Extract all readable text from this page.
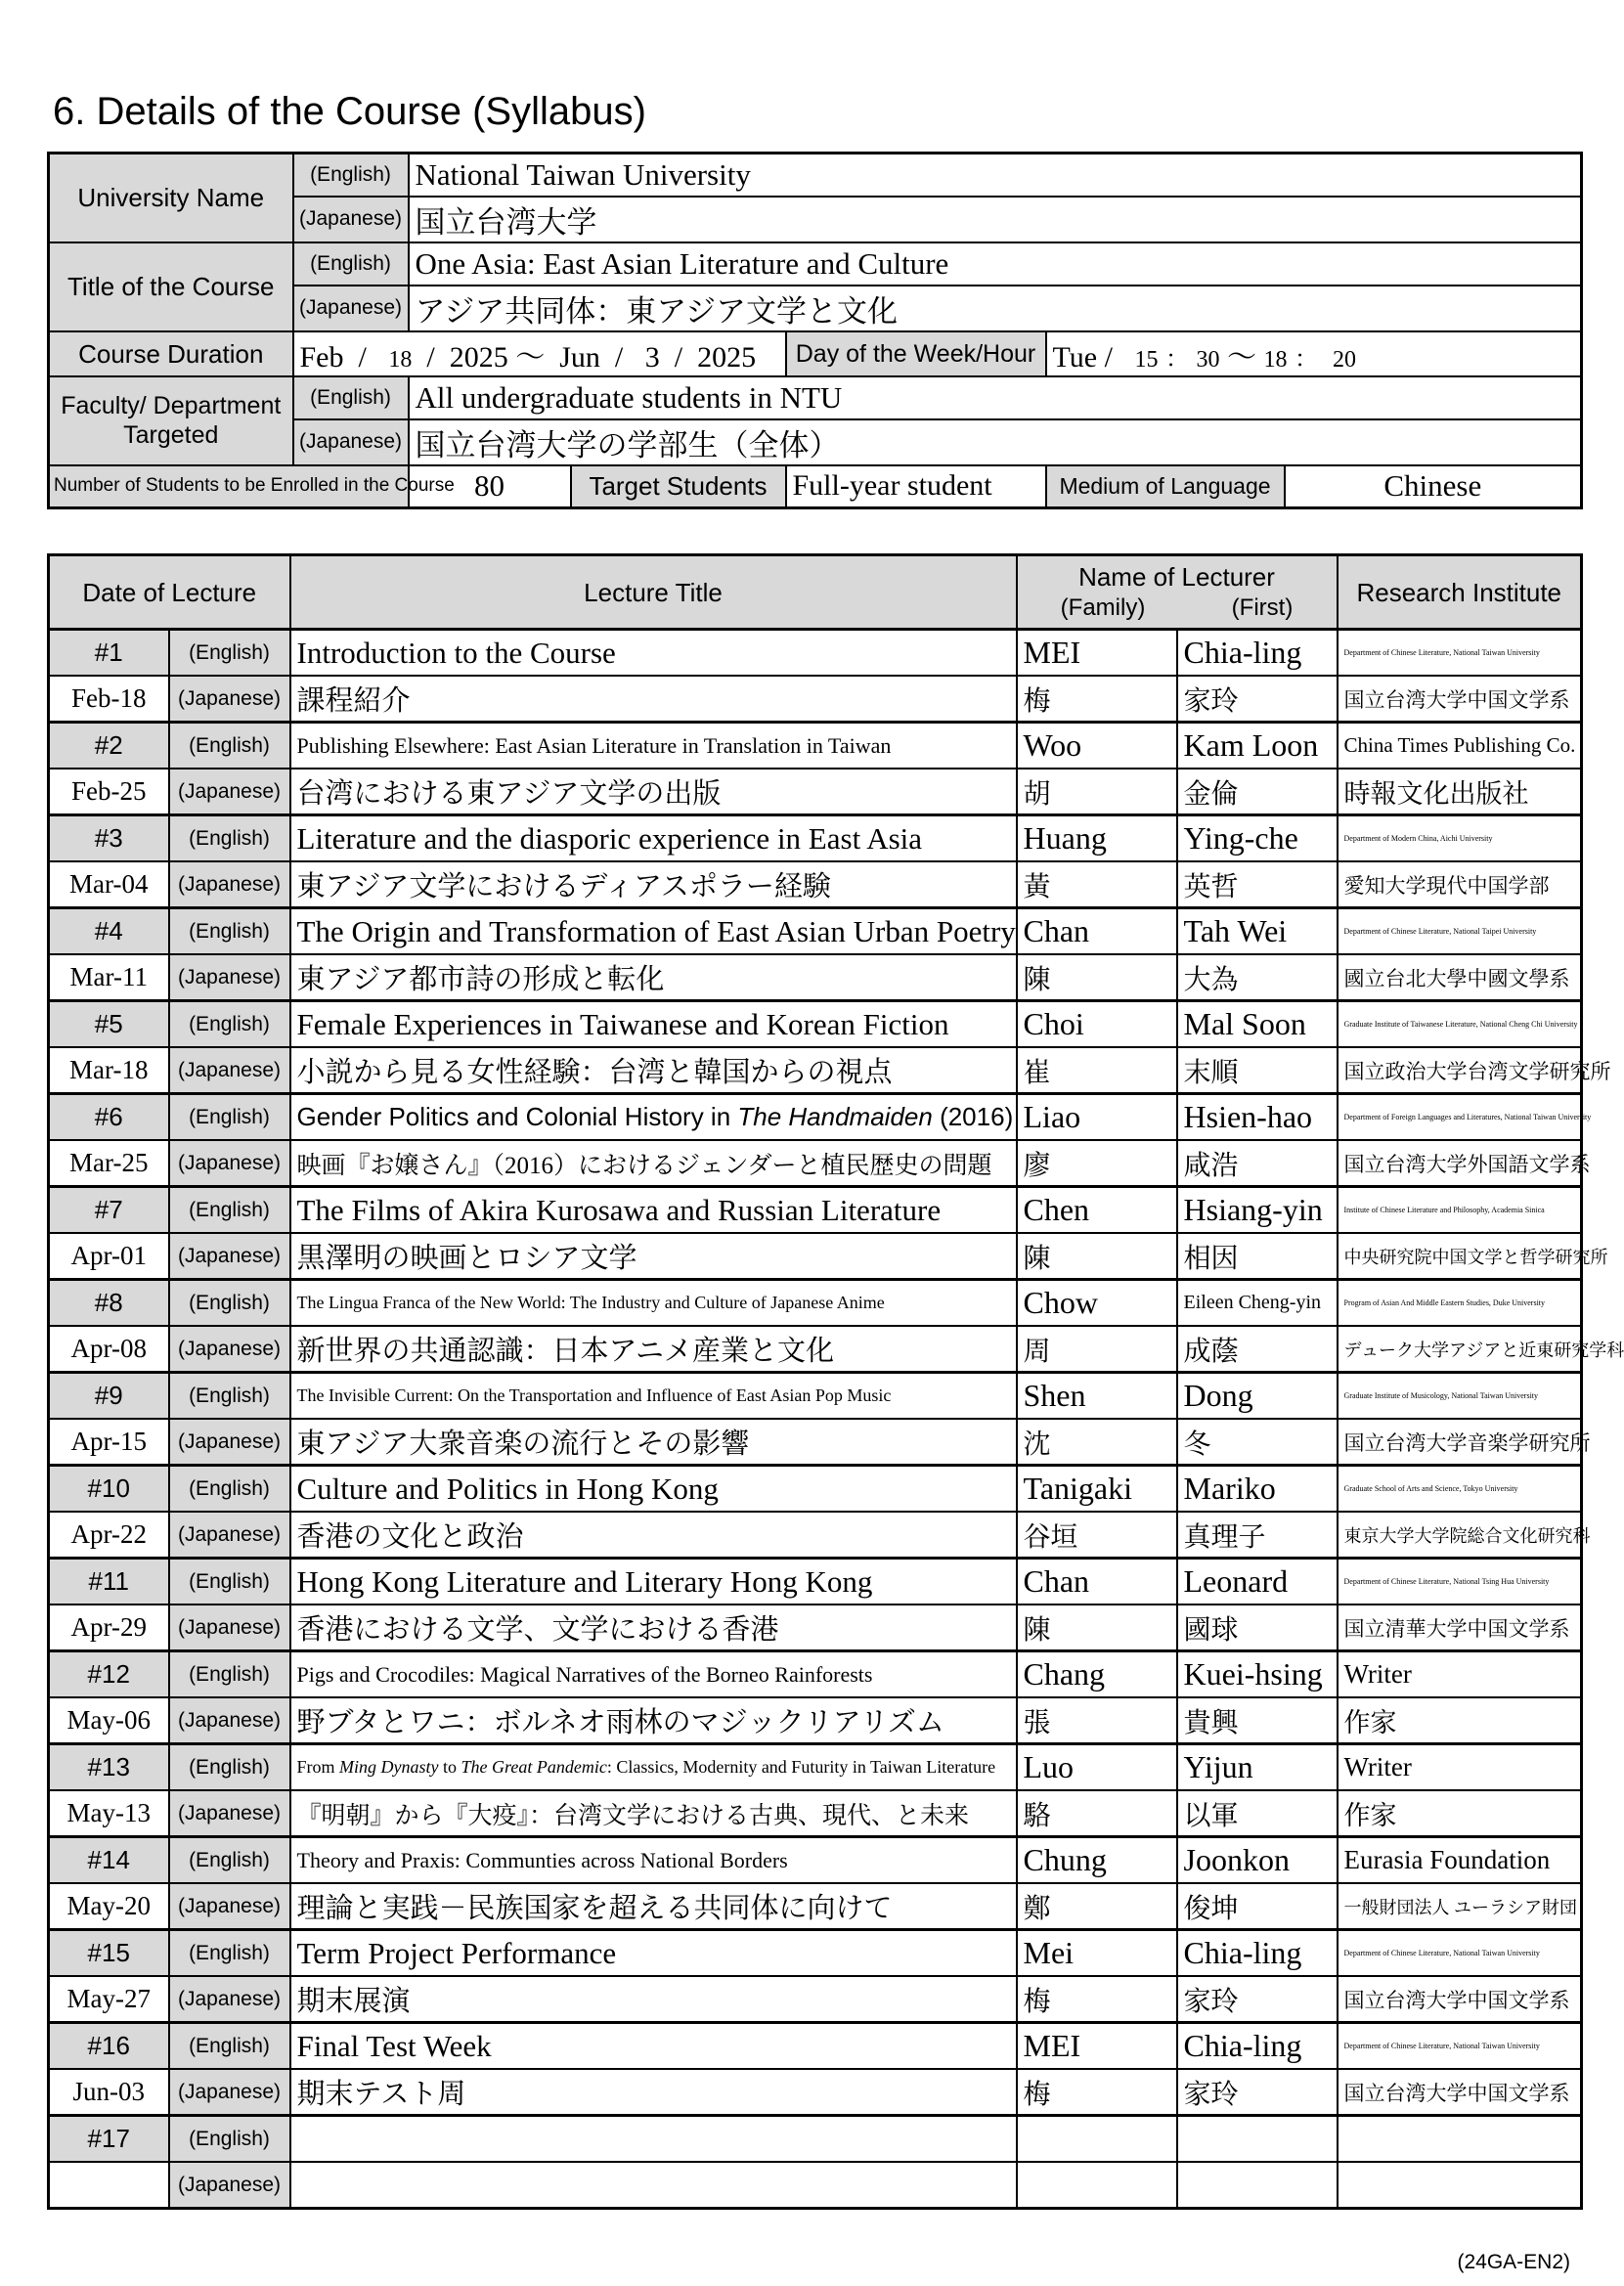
6. Details of the Course (Syllabus)
University Name	(English)	National Taiwan University				
	(Japanese)	国立台湾大学				
Title of the Course	(English)	One Asia: East Asian Literature and Culture				
	(Japanese)	アジア共同体：東アジア文学と文化				
Course Duration	Feb / 18 / 2025 ～ Jun / 3 / 2025			Day of the Week/Hour	Tue / 15 ： 30 ～ 18 ： 20	
Faculty/ Department Targeted	(English)	All undergraduate students in NTU				
	(Japanese)	国立台湾大学の学部生（全体）				
Number of Students to be Enrolled in the Course		80	Target Students	Full-year student	Medium of Language	Chinese
Date of Lecture		Lecture Title	Name of Lecturer
(Family) (First)		Research Institute
#1	(English)	Introduction to the Course	MEI	Chia-ling	Department of Chinese Literature, National Taiwan University
Feb-18	(Japanese)	課程紹介	梅	家玲	国立台湾大学中国文学系
#2	(English)	Publishing Elsewhere: East Asian Literature in Translation in Taiwan	Woo	Kam Loon	China Times Publishing Co.
Feb-25	(Japanese)	台湾における東アジア文学の出版	胡	金倫	時報文化出版社
#3	(English)	Literature and the diasporic experience in East Asia	Huang	Ying-che	Department of Modern China, Aichi University
Mar-04	(Japanese)	東アジア文学におけるディアスポラー経験	黃	英哲	愛知大学現代中国学部
#4	(English)	The Origin and Transformation of East Asian Urban Poetry	Chan	Tah Wei	Department of Chinese Literature, National Taipei University
Mar-11	(Japanese)	東アジア都市詩の形成と転化	陳	大為	國立台北大學中國文學系
#5	(English)	Female Experiences in Taiwanese and Korean Fiction	Choi	Mal Soon	Graduate Institute of Taiwanese Literature, National Cheng Chi University
Mar-18	(Japanese)	小説から見る女性経験：台湾と韓国からの視点	崔	末順	国立政治大学台湾文学研究所
#6	(English)	Gender Politics and Colonial History in The Handmaiden (2016)	Liao	Hsien-hao	Department of Foreign Languages and Literatures, National Taiwan University
Mar-25	(Japanese)	映画『お嬢さん』（2016）におけるジェンダーと植民歴史の問題	廖	咸浩	国立台湾大学外国語文学系
#7	(English)	The Films of Akira Kurosawa and Russian Literature	Chen	Hsiang-yin	Institute of Chinese Literature and Philosophy, Academia Sinica
Apr-01	(Japanese)	黒澤明の映画とロシア文学	陳	相因	中央研究院中国文学と哲学研究所
#8	(English)	The Lingua Franca of the New World: The Industry and Culture of Japanese Anime	Chow	Eileen Cheng-yin	Program of Asian And Middle Eastern Studies, Duke University
Apr-08	(Japanese)	新世界の共通認識：日本アニメ産業と文化	周	成蔭	デューク大学アジアと近東研究学科
#9	(English)	The Invisible Current: On the Transportation and Influence of East Asian Pop Music	Shen	Dong	Graduate Institute of Musicology, National Taiwan University
Apr-15	(Japanese)	東アジア大衆音楽の流行とその影響	沈	冬	国立台湾大学音楽学研究所
#10	(English)	Culture and Politics in Hong Kong	Tanigaki	Mariko	Graduate School of Arts and Science, Tokyo University
Apr-22	(Japanese)	香港の文化と政治	谷垣	真理子	東京大学大学院総合文化研究科
#11	(English)	Hong Kong Literature and Literary Hong Kong	Chan	Leonard	Department of Chinese Literature, National Tsing Hua University
Apr-29	(Japanese)	香港における文学、文学における香港	陳	國球	国立清華大学中国文学系
#12	(English)	Pigs and Crocodiles: Magical Narratives of the Borneo Rainforests	Chang	Kuei-hsing	Writer
May-06	(Japanese)	野ブタとワニ：ボルネオ雨林のマジックリアリズム	張	貴興	作家
#13	(English)	From Ming Dynasty to The Great Pandemic: Classics, Modernity and Futurity in Taiwan Literature	Luo	Yijun	Writer
May-13	(Japanese)	『明朝』から『大疫』：台湾文学における古典、現代、と未来	駱	以軍	作家
#14	(English)	Theory and Praxis: Communties across National Borders	Chung	Joonkon	Eurasia Foundation
May-20	(Japanese)	理論と実践－民族国家を超える共同体に向けて	鄭	俊坤	一般財団法人 ユーラシア財団
#15	(English)	Term Project Performance	Mei	Chia-ling	Department of Chinese Literature, National Taiwan University
May-27	(Japanese)	期末展演	梅	家玲	国立台湾大学中国文学系
#16	(English)	Final Test Week	MEI	Chia-ling	Department of Chinese Literature, National Taiwan University
Jun-03	(Japanese)	期末テスト周	梅	家玲	国立台湾大学中国文学系
#17	(English)				
	(Japanese)				
(24GA-EN2)
